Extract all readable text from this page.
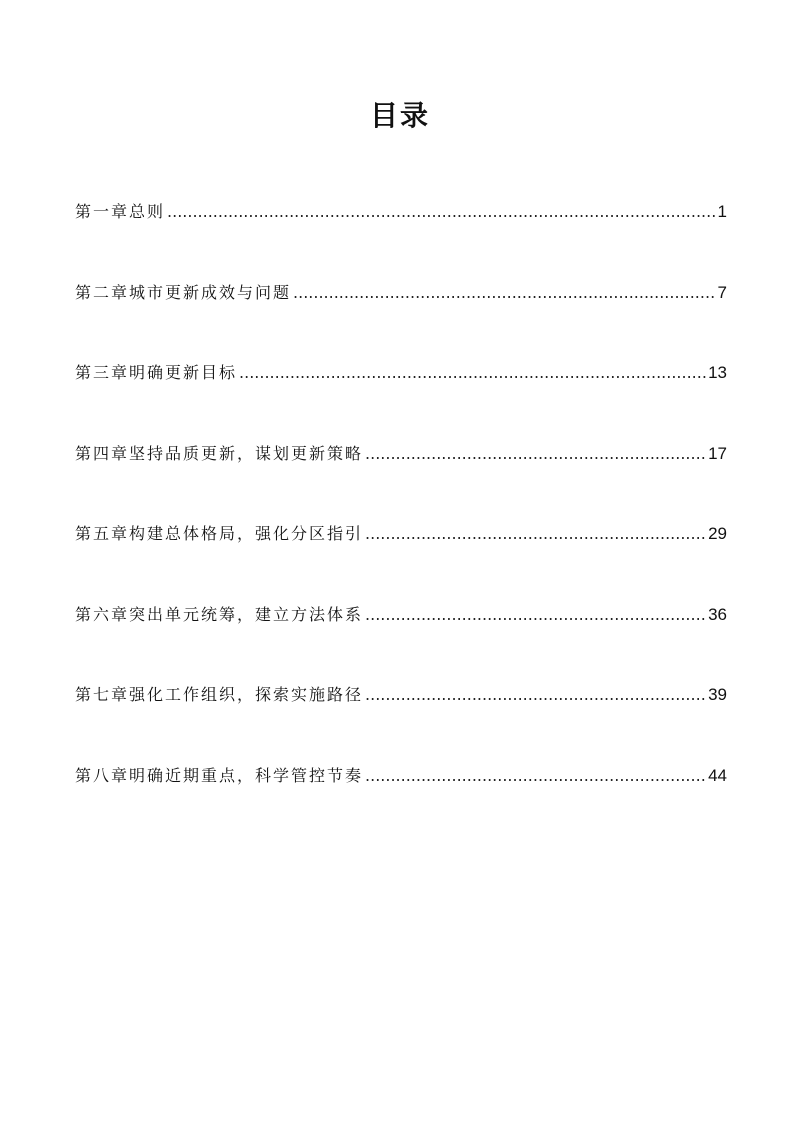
目录
第一章总则 .....	1
第二章城市更新成效与问题 .....	7
第三章明确更新目标 .....	13
第四章坚持品质更新，谋划更新策略 .....	17
第五章构建总体格局，强化分区指引 .....	29
第六章突出单元统筹，建立方法体系 .....	36
第七章强化工作组织，探索实施路径 .....	39
第八章明确近期重点，科学管控节奏 .....	44
